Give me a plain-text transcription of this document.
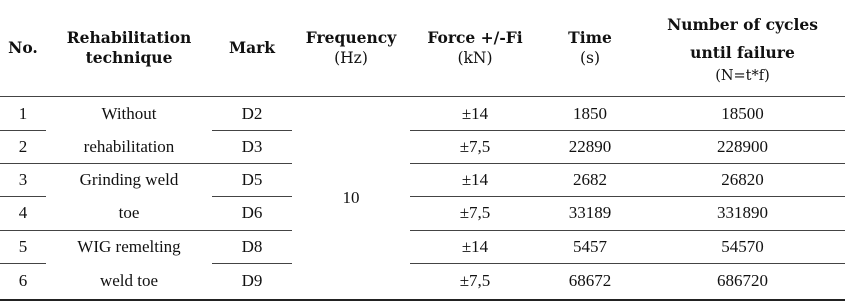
No.
Rehabilitation technique
Mark
Frequency
(Hz)
Force +/-Fi
(kN)
Time
(s)
Number of cycles until failure
(N=t*f)
1
2
3
4
5
6
Without
rehabilitation
Grinding weld
toe
WIG remelting
weld toe
D2
D3
D5
D6
D8
D9
10
±14
±7,5
±14
±7,5
±14
±7,5
1850
22890
2682
33189
5457
68672
18500
228900
26820
331890
54570
686720
